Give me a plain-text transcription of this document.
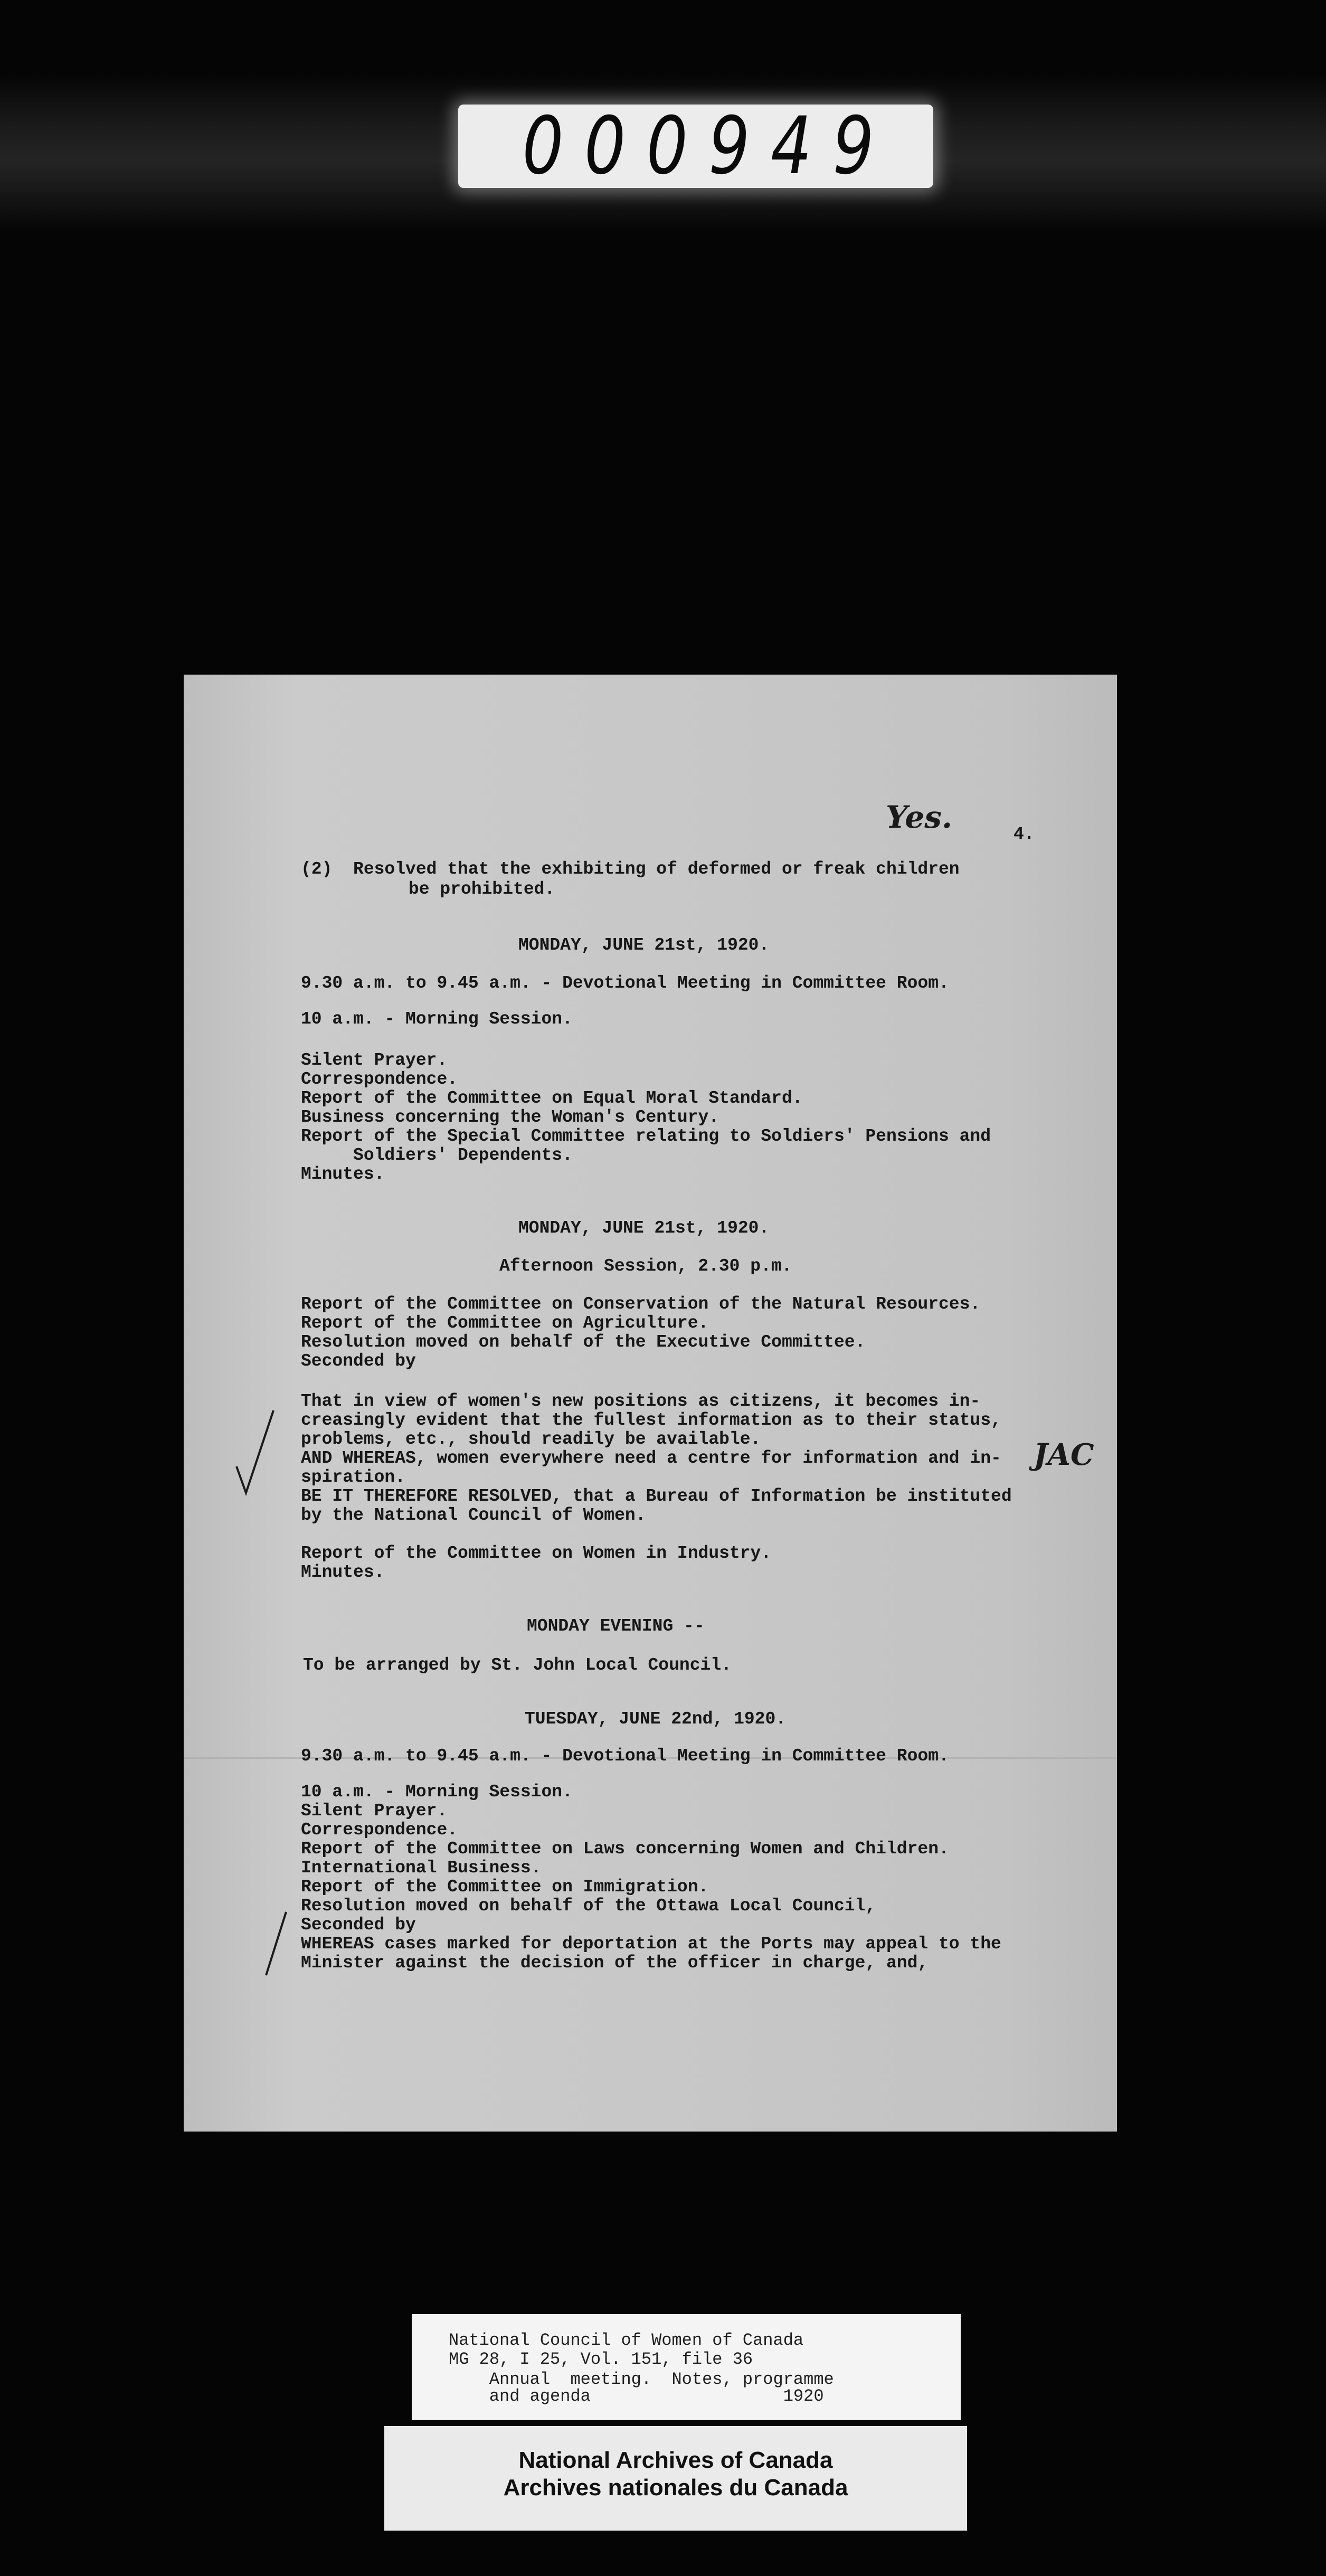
000949
Yes.	4.
(2)  Resolved that the exhibiting of deformed or freak children
be prohibited.
MONDAY, JUNE 21st, 1920.
9.30 a.m. to 9.45 a.m. - Devotional Meeting in Committee Room.
10 a.m. - Morning Session.
Silent Prayer.
Correspondence.
Report of the Committee on Equal Moral Standard.
Business concerning the Woman's Century.
Report of the Special Committee relating to Soldiers' Pensions and
Soldiers' Dependents.
Minutes.
MONDAY, JUNE 21st, 1920.
Afternoon Session, 2.30 p.m.
Report of the Committee on Conservation of the Natural Resources.
Report of the Committee on Agriculture.
Resolution moved on behalf of the Executive Committee.
Seconded by
That in view of women's new positions as citizens, it becomes in-
creasingly evident that the fullest information as to their status,
problems, etc., should readily be available.
AND WHEREAS, women everywhere need a centre for information and in-
spiration.
BE IT THEREFORE RESOLVED, that a Bureau of Information be instituted
by the National Council of Women.
JAC
Report of the Committee on Women in Industry.
Minutes.
MONDAY EVENING --
To be arranged by St. John Local Council.
TUESDAY, JUNE 22nd, 1920.
9.30 a.m. to 9.45 a.m. - Devotional Meeting in Committee Room.
10 a.m. - Morning Session.
Silent Prayer.
Correspondence.
Report of the Committee on Laws concerning Women and Children.
International Business.
Report of the Committee on Immigration.
Resolution moved on behalf of the Ottawa Local Council,
Seconded by
WHEREAS cases marked for deportation at the Ports may appeal to the
Minister against the decision of the officer in charge, and,
National Council of Women of Canada
MG 28, I 25, Vol. 151, file 36
Annual  meeting.  Notes, programme
and agenda                   1920
National Archives of Canada
Archives nationales du Canada
